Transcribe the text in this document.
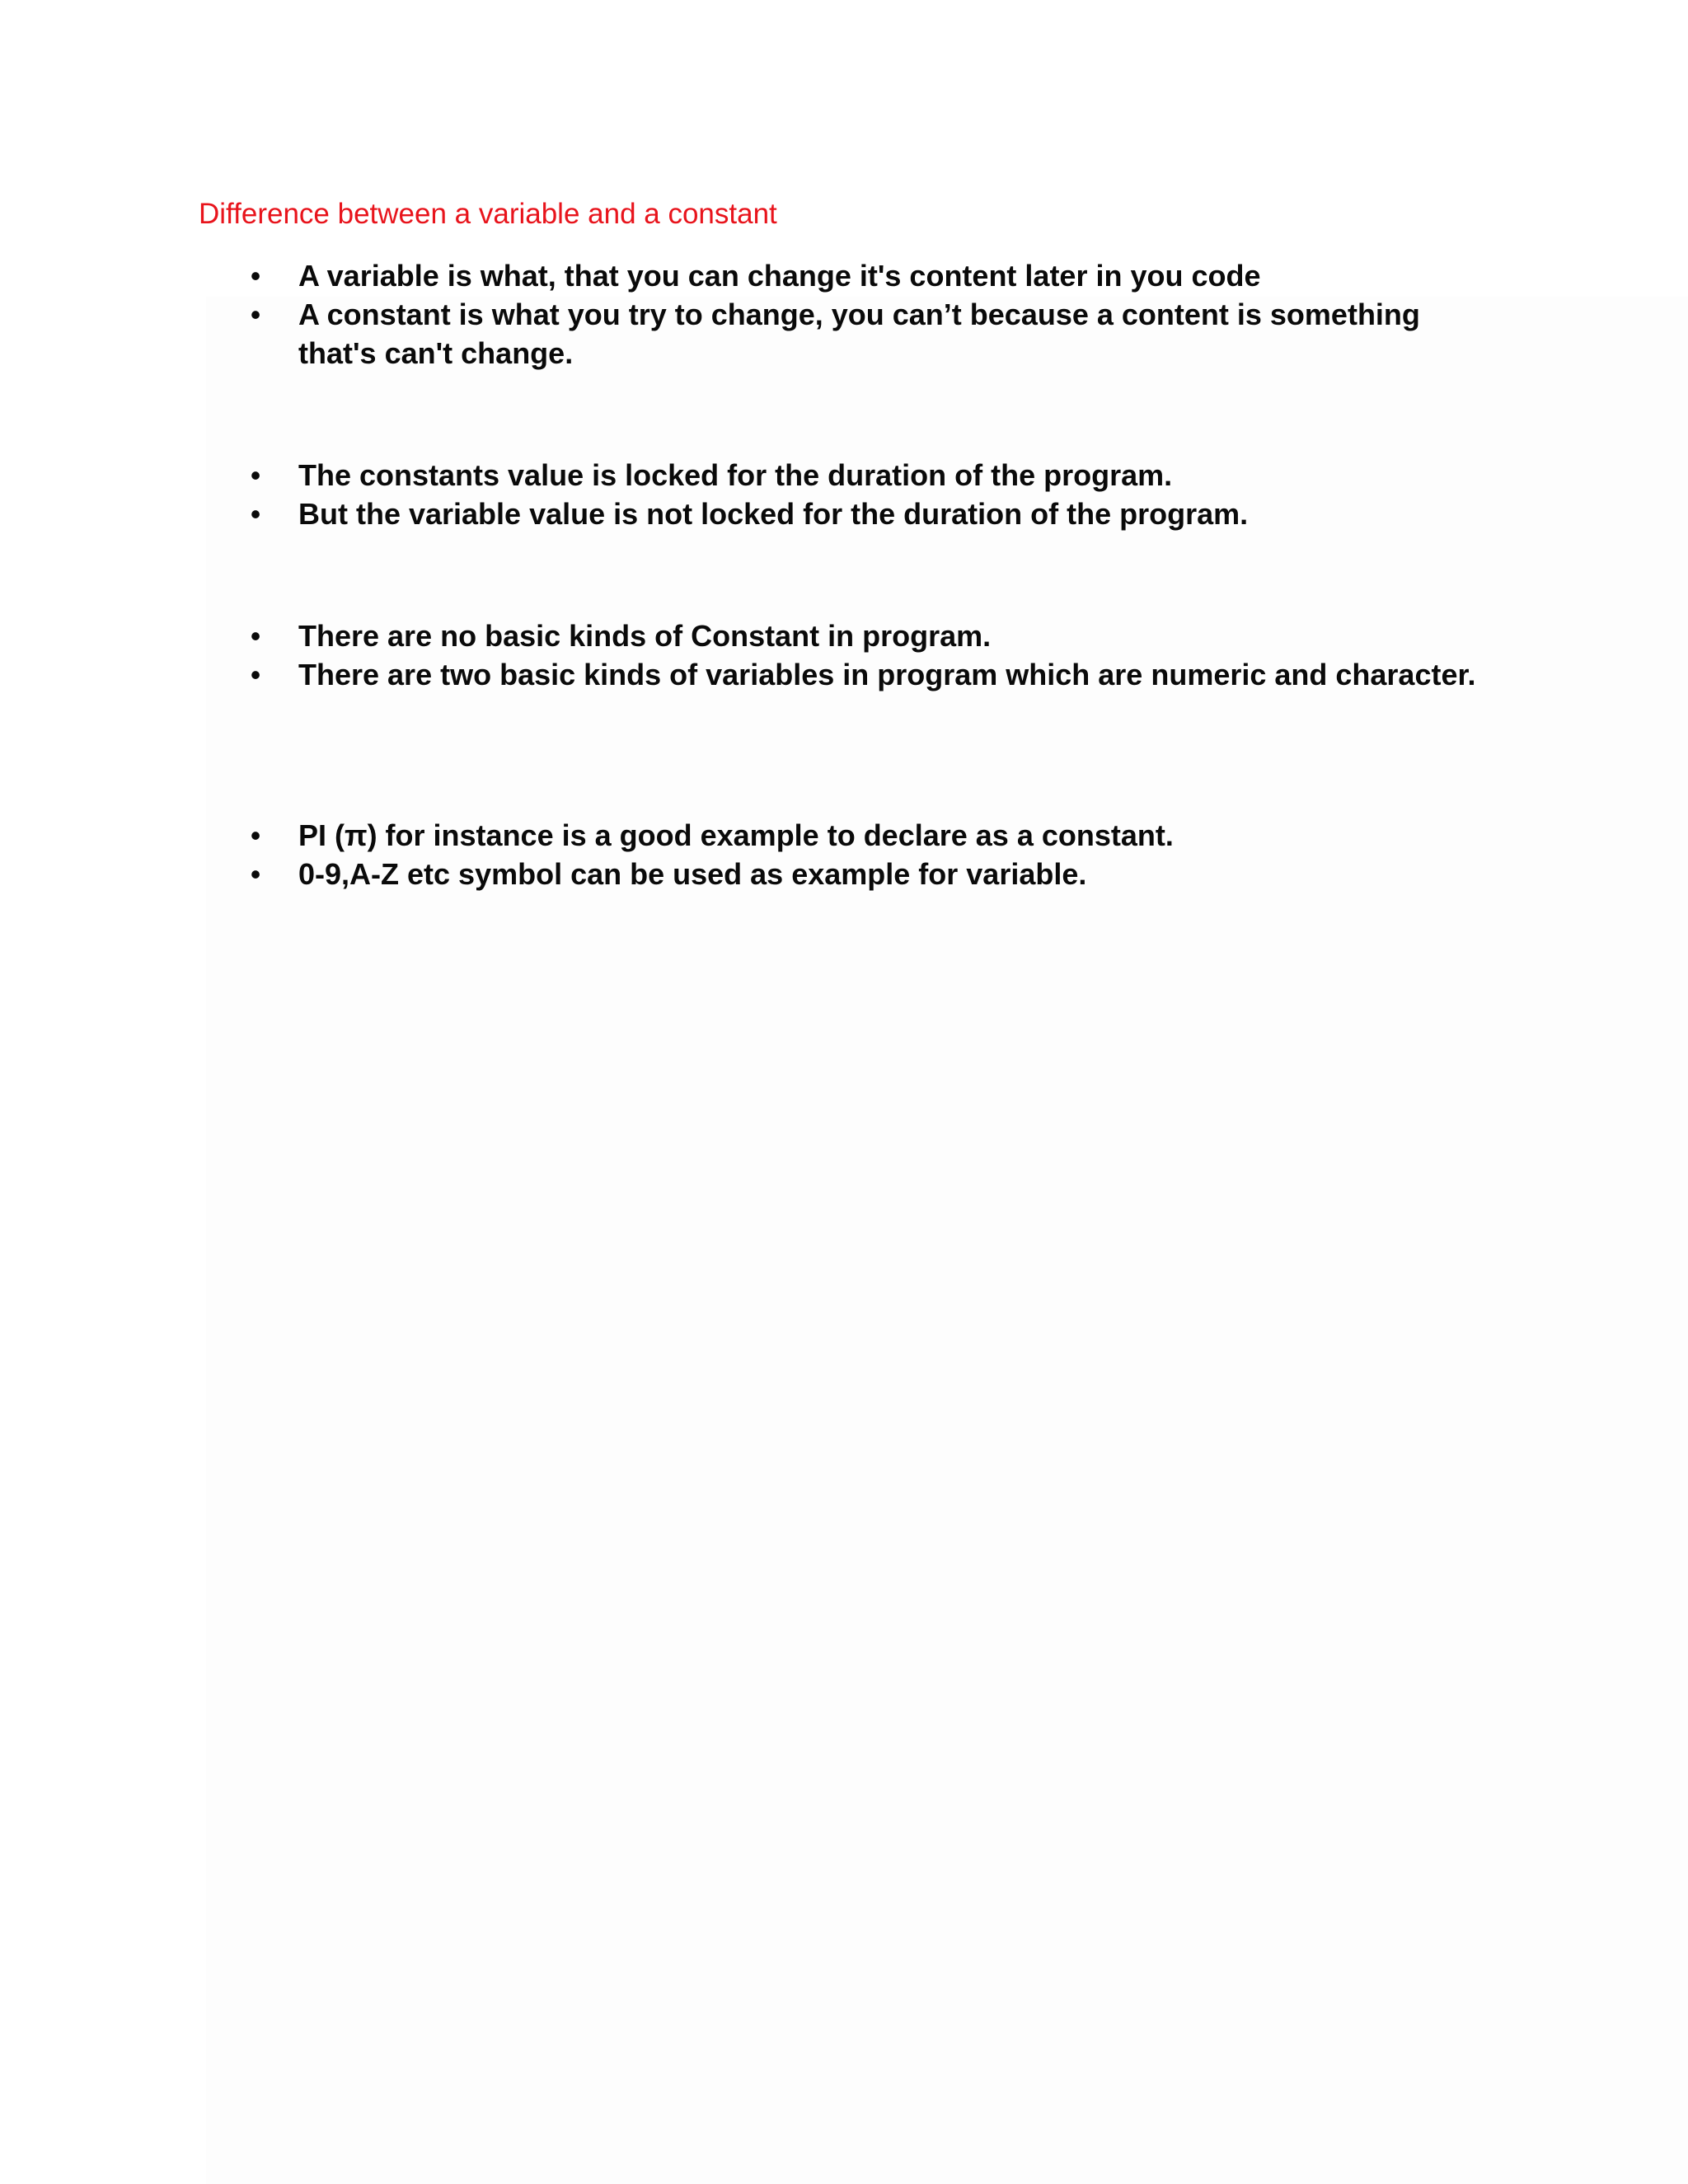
Difference between a variable and a constant
• A variable is what, that you can change it's content later in you code
• A constant is what you try to change, you can’t because a content is something that's can't change.
• The constants value is locked for the duration of the program.
• But the variable value is not locked for the duration of the program.
• There are no basic kinds of Constant in program.
• There are two basic kinds of variables in program which are numeric and character.
• PI (π) for instance is a good example to declare as a constant.
• 0-9,A-Z etc symbol can be used as example for variable.
